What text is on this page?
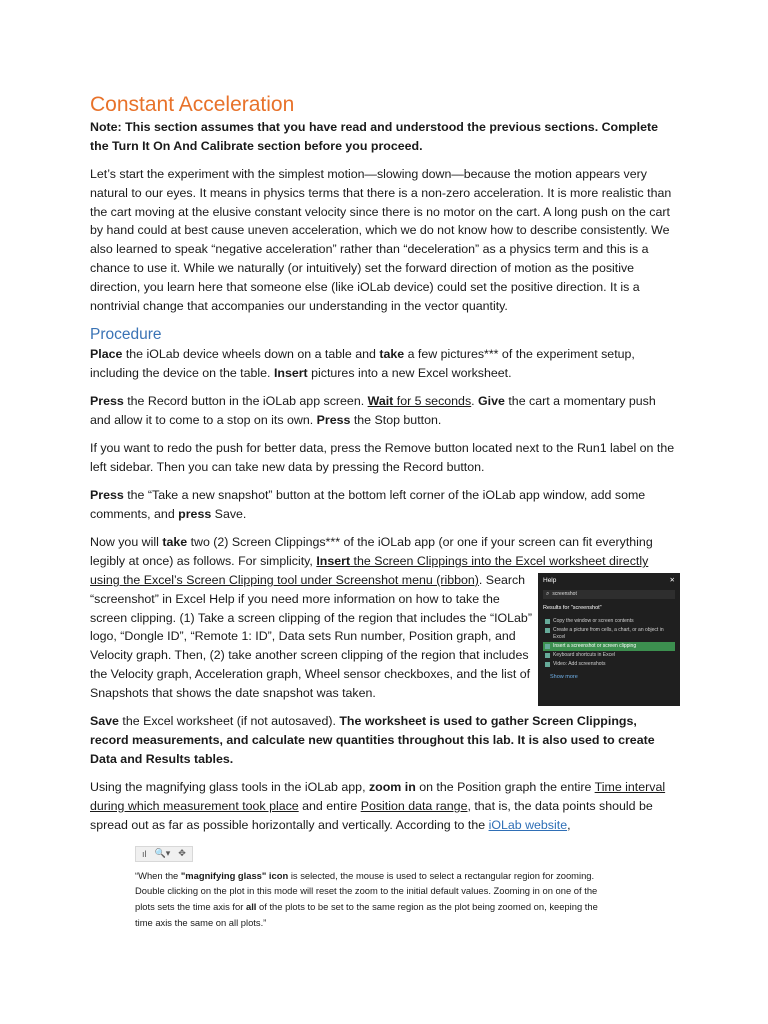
Constant Acceleration

Note: This section assumes that you have read and understood the previous sections. Complete the Turn It On And Calibrate section before you proceed.

Let’s start the experiment with the simplest motion—slowing down—because the motion appears very natural to our eyes. It means in physics terms that there is a non-zero acceleration. It is more realistic than the cart moving at the elusive constant velocity since there is no motor on the cart. A long push on the cart by hand could at best cause uneven acceleration, which we do not know how to describe consistently. We also learned to speak “negative acceleration” rather than “deceleration” as a physics term and this is a chance to use it. While we naturally (or intuitively) set the forward direction of motion as the positive direction, you learn here that someone else (like iOLab device) could set the positive direction. It is a nontrivial change that accompanies our understanding in the vector quantity.

Procedure

Place the iOLab device wheels down on a table and take a few pictures*** of the experiment setup, including the device on the table. Insert pictures into a new Excel worksheet.

Press the Record button in the iOLab app screen. Wait for 5 seconds. Give the cart a momentary push and allow it to come to a stop on its own. Press the Stop button.

If you want to redo the push for better data, press the Remove button located next to the Run1 label on the left sidebar. Then you can take new data by pressing the Record button.

Press the “Take a new snapshot” button at the bottom left corner of the iOLab app window, add some comments, and press Save.

Now you will take two (2) Screen Clippings*** of the iOLab app (or one if your screen can fit everything legibly at once) as follows. For simplicity, Insert the Screen Clippings into the Excel worksheet directly using the Excel’s Screen Clipping tool under Screenshot menu (ribbon)	Help	✕
⌕ screenshot
Results for "screenshot"
Copy the window or screen contents
Create a picture from cells, a chart, or an object in Excel
Insert a screenshot or screen clipping
Keyboard shortcuts in Excel
Video: Add screenshots
Show more
. Search “screenshot” in Excel Help if you need more information on how to take the screen clipping. (1) Take a screen clipping of the region that includes the “IOLab” logo, “Dongle ID”, “Remote 1: ID”, Data sets Run number, Position graph, and Velocity graph. Then, (2) take another screen clipping of the region that includes the Velocity graph, Acceleration graph, Wheel sensor checkboxes, and the list of Snapshots that shows the date snapshot was taken.

Save the Excel worksheet (if not autosaved). The worksheet is used to gather Screen Clippings, record measurements, and calculate new quantities throughout this lab. It is also used to create Data and Results tables.

Using the magnifying glass tools in the iOLab app, zoom in on the Position graph the entire Time interval during which measurement took place and entire Position data range, that is, the data points should be spread out as far as possible horizontally and vertically. According to the iOLab website,

ıl 🔍▾ ✥

“When the "magnifying glass" icon is selected, the mouse is used to select a rectangular region for zooming. Double clicking on the plot in this mode will reset the zoom to the initial default values. Zooming in on one of the plots sets the time axis for all of the plots to be set to the same region as the plot being zoomed on, keeping the time axis the same on all plots.”
